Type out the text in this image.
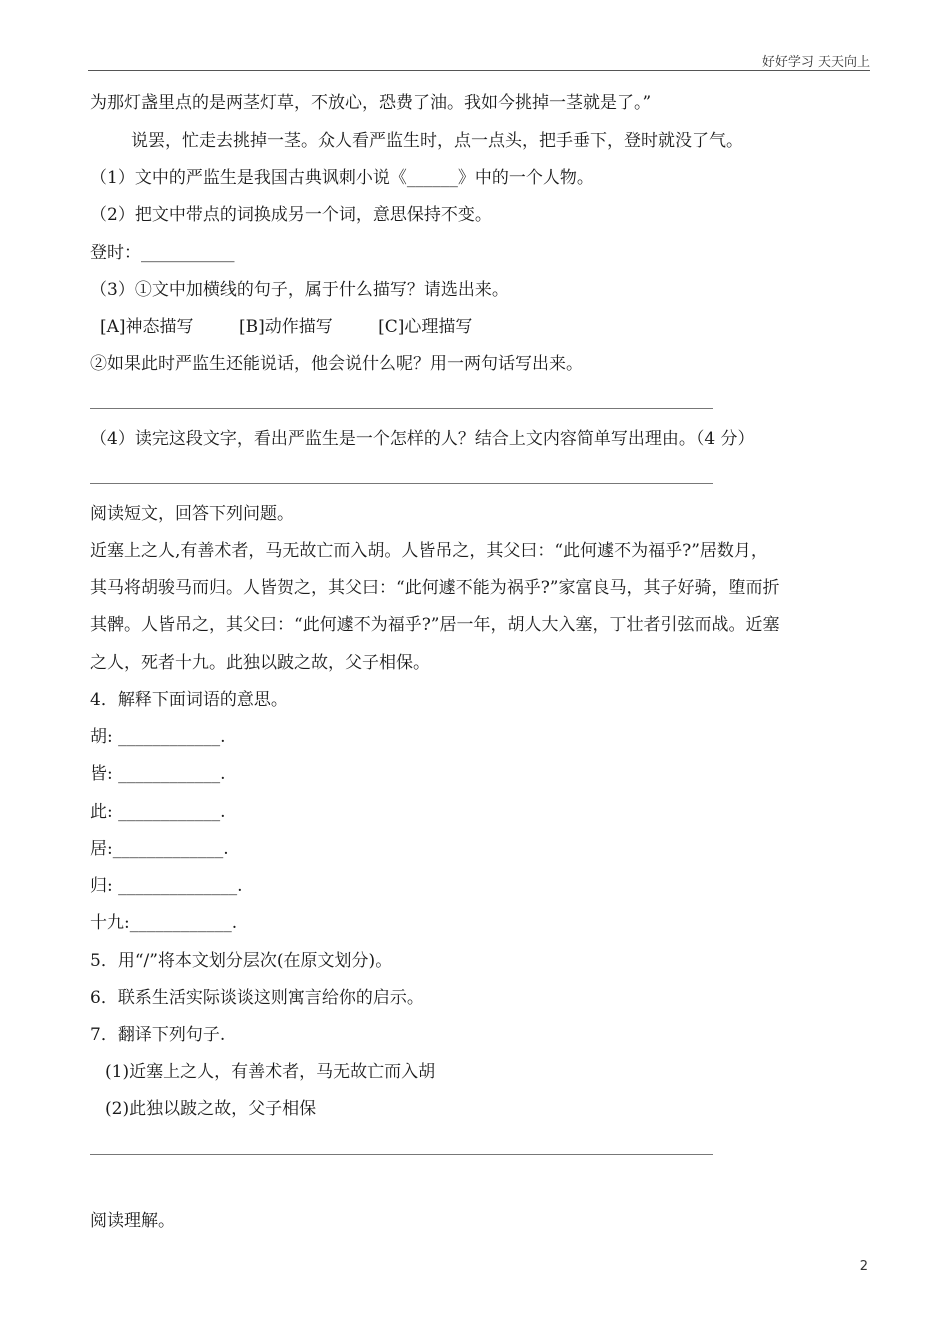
好好学习 天天向上
为那灯盏里点的是两茎灯草，不放心，恐费了油。我如今挑掉一茎就是了。”
说罢，忙走去挑掉一茎。众人看严监生时，点一点头，把手垂下，登时就没了气。
（1）文中的严监生是我国古典讽刺小说《______》中的一个人物。
（2）把文中带点的词换成另一个词，意思保持不变。
登时：___________
（3）①文中加横线的句子，属于什么描写？请选出来。
[A]神态描写	[B]动作描写	[C]心理描写
②如果此时严监生还能说话，他会说什么呢？用一两句话写出来。
（4）读完这段文字，看出严监生是一个怎样的人？结合上文内容简单写出理由。（4 分）
阅读短文，回答下列问题。
近塞上之人,有善术者，马无故亡而入胡。人皆吊之，其父曰：“此何遽不为福乎?”居数月，
其马将胡骏马而归。人皆贺之，其父曰：“此何遽不能为祸乎?”家富良马，其子好骑，堕而折
其髀。人皆吊之，其父曰：“此何遽不为福乎?”居一年，胡人大入塞，丁壮者引弦而战。近塞
之人，死者十九。此独以跛之故，父子相保。
4．解释下面词语的意思。
胡: ____________.
皆: ____________.
此: ____________.
居:_____________.
归: ______________.
十九:____________.
5．用“/”将本文划分层次(在原文划分)。
6．联系生活实际谈谈这则寓言给你的启示。
7．翻译下列句子.
(1)近塞上之人，有善术者，马无故亡而入胡
(2)此独以跛之故，父子相保
阅读理解。
2
